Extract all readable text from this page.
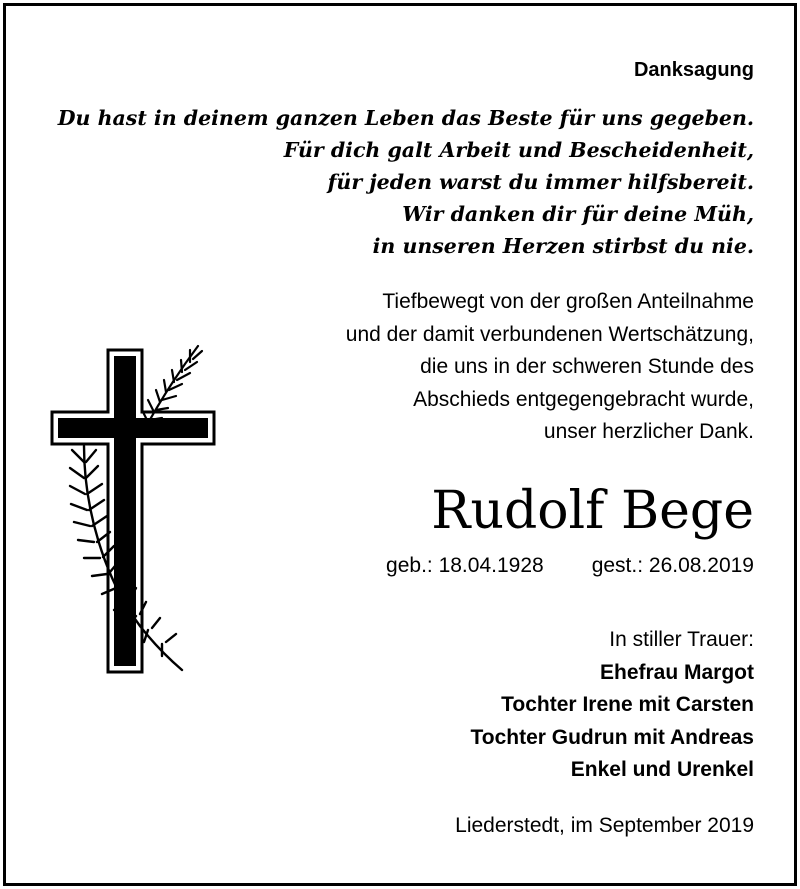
Danksagung
Du hast in deinem ganzen Leben das Beste für uns gegeben.
Für dich galt Arbeit und Bescheidenheit,
für jeden warst du immer hilfsbereit.
Wir danken dir für deine Müh,
in unseren Herzen stirbst du nie.
Tiefbewegt von der großen Anteilnahme
und der damit verbundenen Wertschätzung,
die uns in der schweren Stunde des
Abschieds entgegengebracht wurde,
unser herzlicher Dank.
Rudolf Bege
geb.: 18.04.1928 gest.: 26.08.2019
In stiller Trauer:
Ehefrau Margot
Tochter Irene mit Carsten
Tochter Gudrun mit Andreas
Enkel und Urenkel
Liederstedt, im September 2019
